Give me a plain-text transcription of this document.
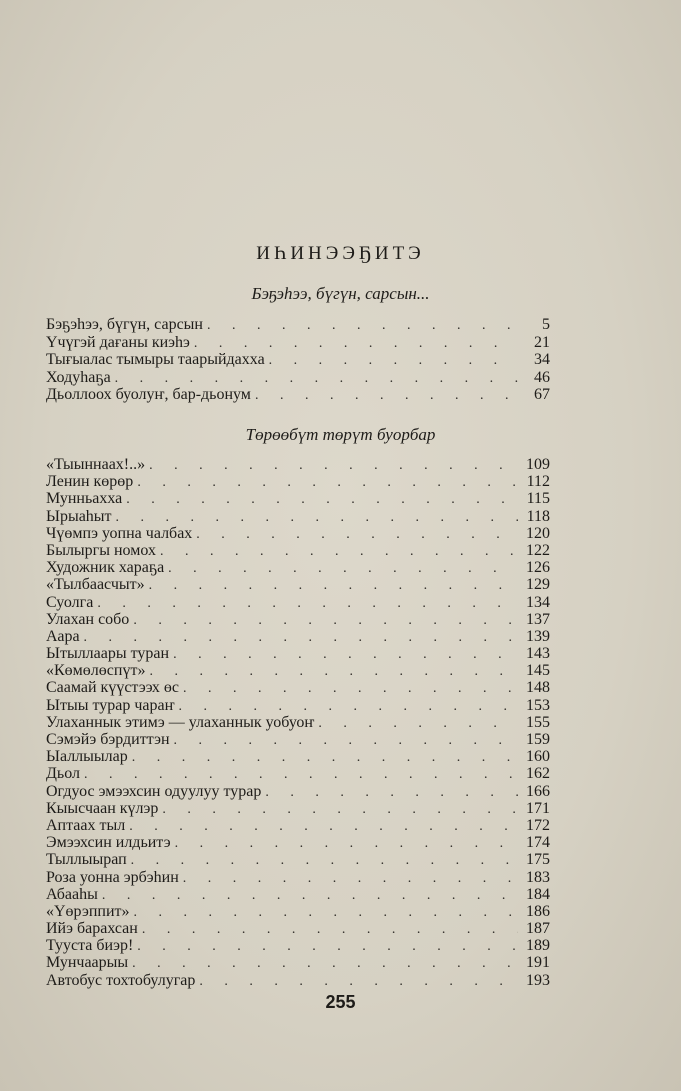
ИҺИНЭЭҔИТЭ
Бэҕэһээ, бүгүн, сарсын...
Бэҕэһээ, бүгүн, сарсын . . .	5
Үчүгэй дағаны киэһэ . . .	21
Тығыалас тымыры таарыйдахха . . .	34
Ходуһаҕа . . .	46
Дьоллоох буолуҥ, бар-дьонум . . .	67
Төрөөбүт төрүт буорбар
«Тыыннаах!..» . . .	109
Ленин көрөр . . .	112
Мунньахха . . .	115
Ырыаһыт . . .	118
Чүөмпэ уопна чалбах . . .	120
Былыргы номох . . .	122
Художник хараҕа . . .	126
«Тылбаасчыт» . . .	129
Суолга . . .	134
Улахан собо . . .	137
Аара . . .	139
Ытыллаары туран . . .	143
«Көмөлөспүт» . . .	145
Саамай күүстээх өс . . .	148
Ытыы турар чараҥ . . .	153
Улаханнык этимэ — улаханнык уобуоҥ . . .	155
Сэмэйэ бэрдиттэн . . .	159
Ыаллыылар . . .	160
Дьол . . .	162
Огдуос эмээхсин одуулуу турар . . .	166
Кыысчаан күлэр . . .	171
Аптаах тыл . . .	172
Эмээхсин илдьитэ . . .	174
Тыллыырап . . .	175
Роза уонна эрбэһин . . .	183
Абааһы . . .	184
«Үөрэппит» . . .	186
Ийэ барахсан . . .	187
Тууста биэр! . . .	189
Мунчаарыы . . .	191
Автобус тохтобулугар . . .	193
255
